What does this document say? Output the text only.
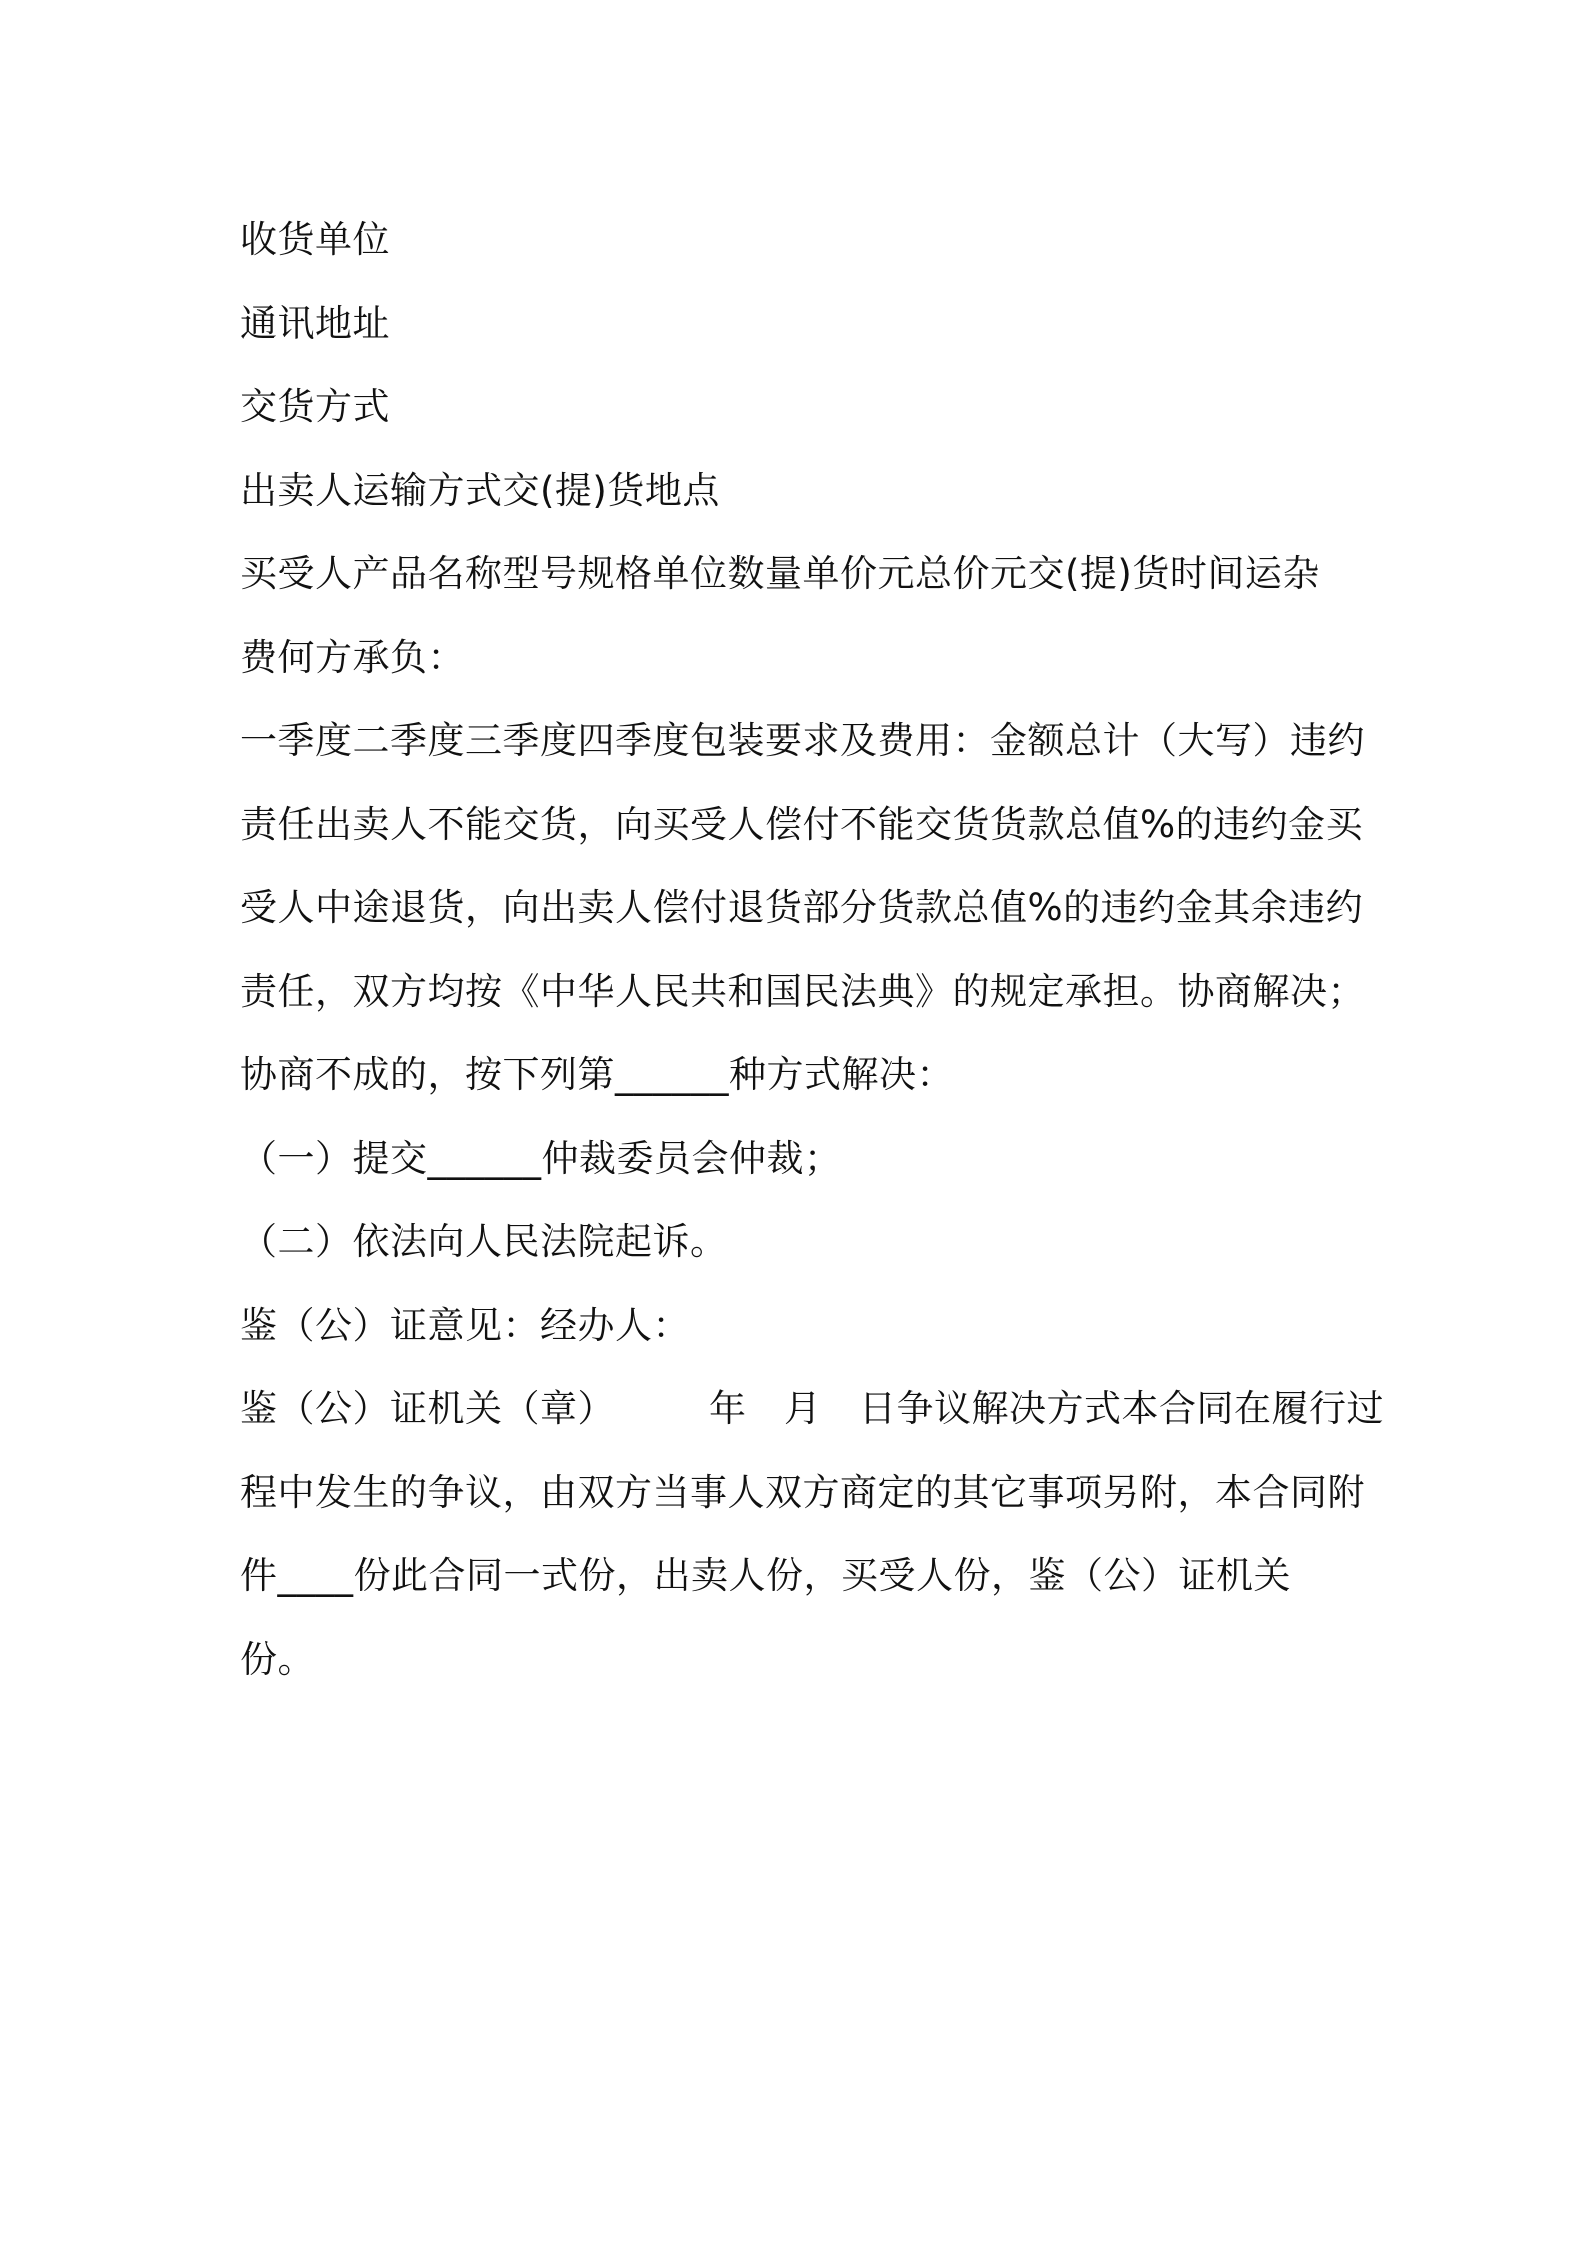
收货单位
通讯地址
交货方式
出卖人运输方式交(提)货地点
买受人产品名称型号规格单位数量单价元总价元交(提)货时间运杂
费何方承负：
一季度二季度三季度四季度包装要求及费用：金额总计（大写）违约
责任出卖人不能交货，向买受人偿付不能交货货款总值%的违约金买
受人中途退货，向出卖人偿付退货部分货款总值%的违约金其余违约
责任，双方均按《中华人民共和国民法典》的规定承担。协商解决；
协商不成的，按下列第______种方式解决：
（一）提交______仲裁委员会仲裁；
（二）依法向人民法院起诉。
鉴（公）证意见：经办人：
鉴（公）证机关（章）　　　年　月　日争议解决方式本合同在履行过
程中发生的争议，由双方当事人双方商定的其它事项另附，本合同附
件____份此合同一式份，出卖人份，买受人份，鉴（公）证机关
份。
